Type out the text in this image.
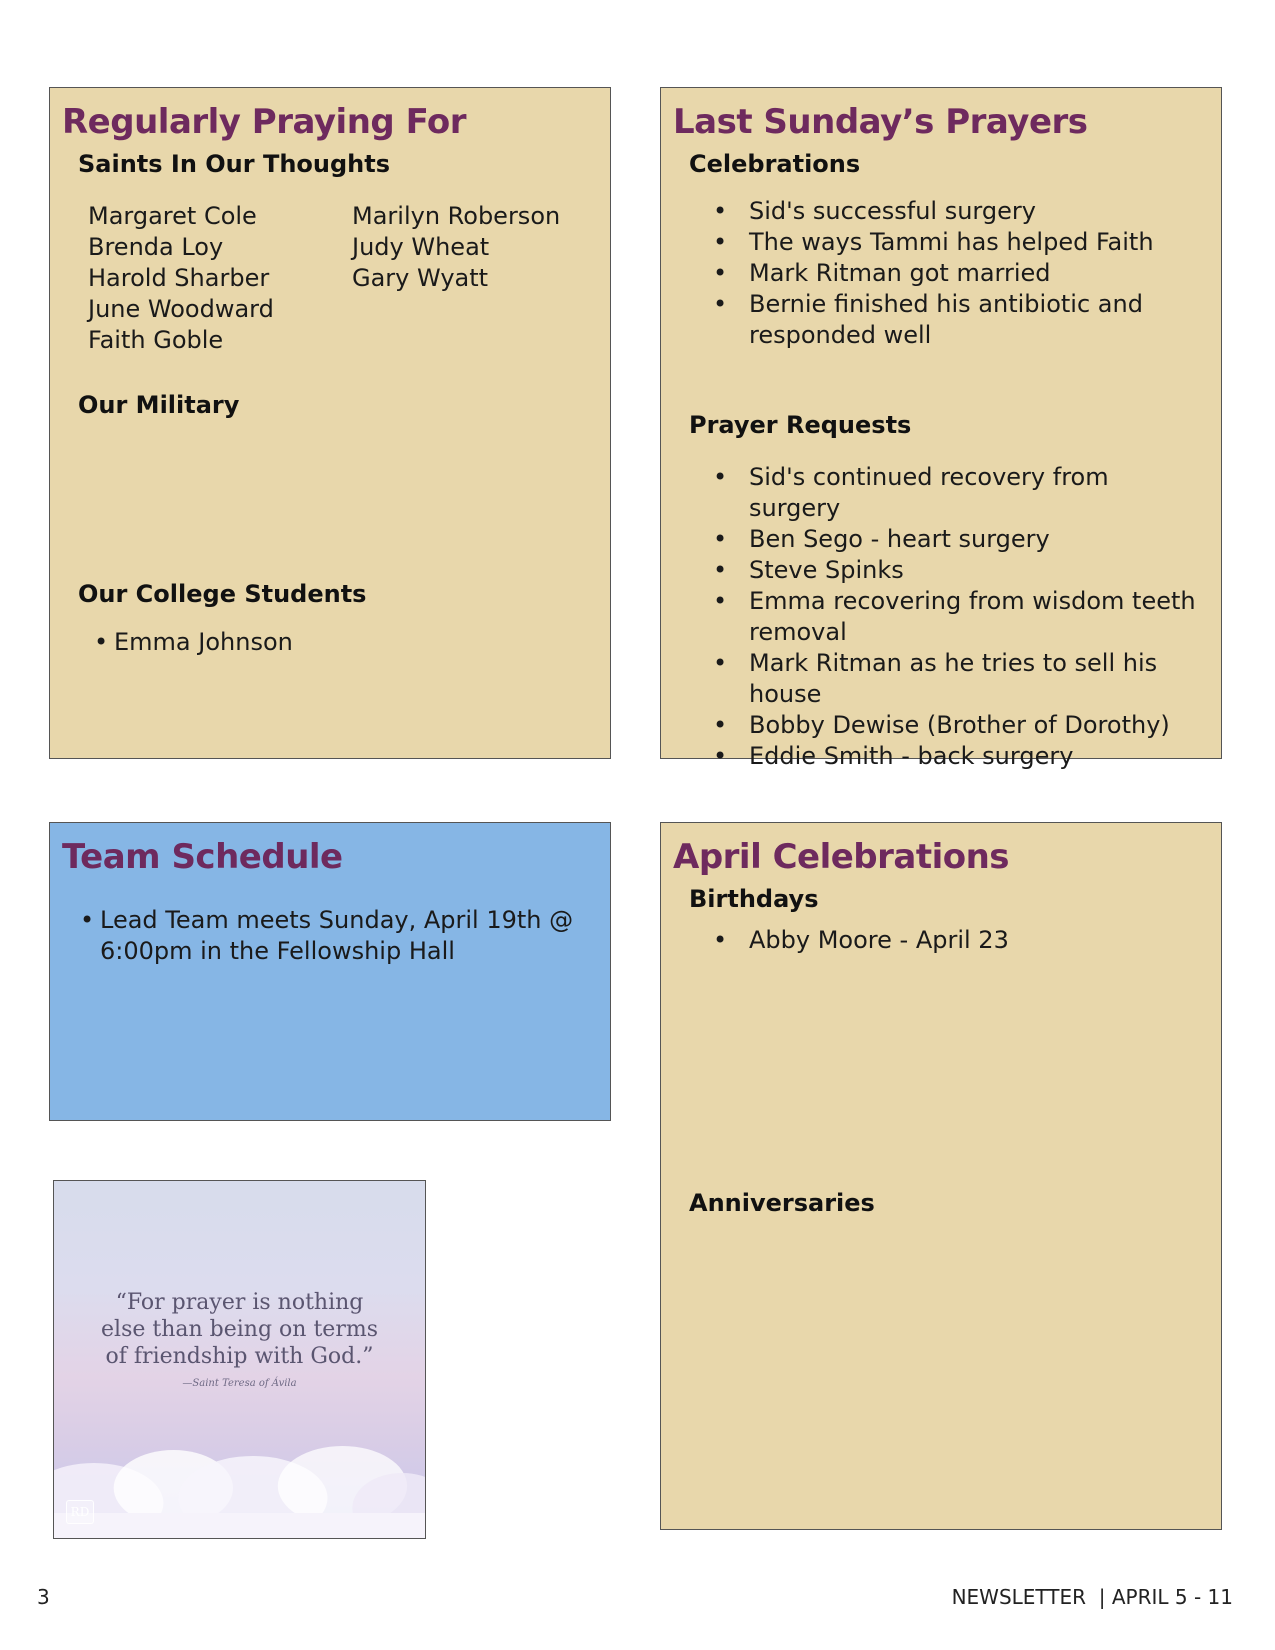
Regularly Praying For
Saints In Our Thoughts
Margaret Cole
Brenda Loy
Harold Sharber
June Woodward
Faith Goble
Marilyn Roberson
Judy Wheat
Gary Wyatt
Our Military
Our College Students
• Emma Johnson
Last Sunday’s Prayers
Celebrations
• Sid's successful surgery
• The ways Tammi has helped Faith
• Mark Ritman got married
• Bernie finished his antibiotic and responded well
Prayer Requests
• Sid's continued recovery from surgery
• Ben Sego - heart surgery
• Steve Spinks
• Emma recovering from wisdom teeth removal
• Mark Ritman as he tries to sell his house
• Bobby Dewise (Brother of Dorothy)
• Eddie Smith - back surgery
Team Schedule
• Lead Team meets Sunday, April 19th @ 6:00pm in the Fellowship Hall
April Celebrations
Birthdays
• Abby Moore - April 23
Anniversaries
“For prayer is nothing else than being on terms of friendship with God.”
—Saint Teresa of Ávila
RD
3	NEWSLETTER  | APRIL 5 - 11
